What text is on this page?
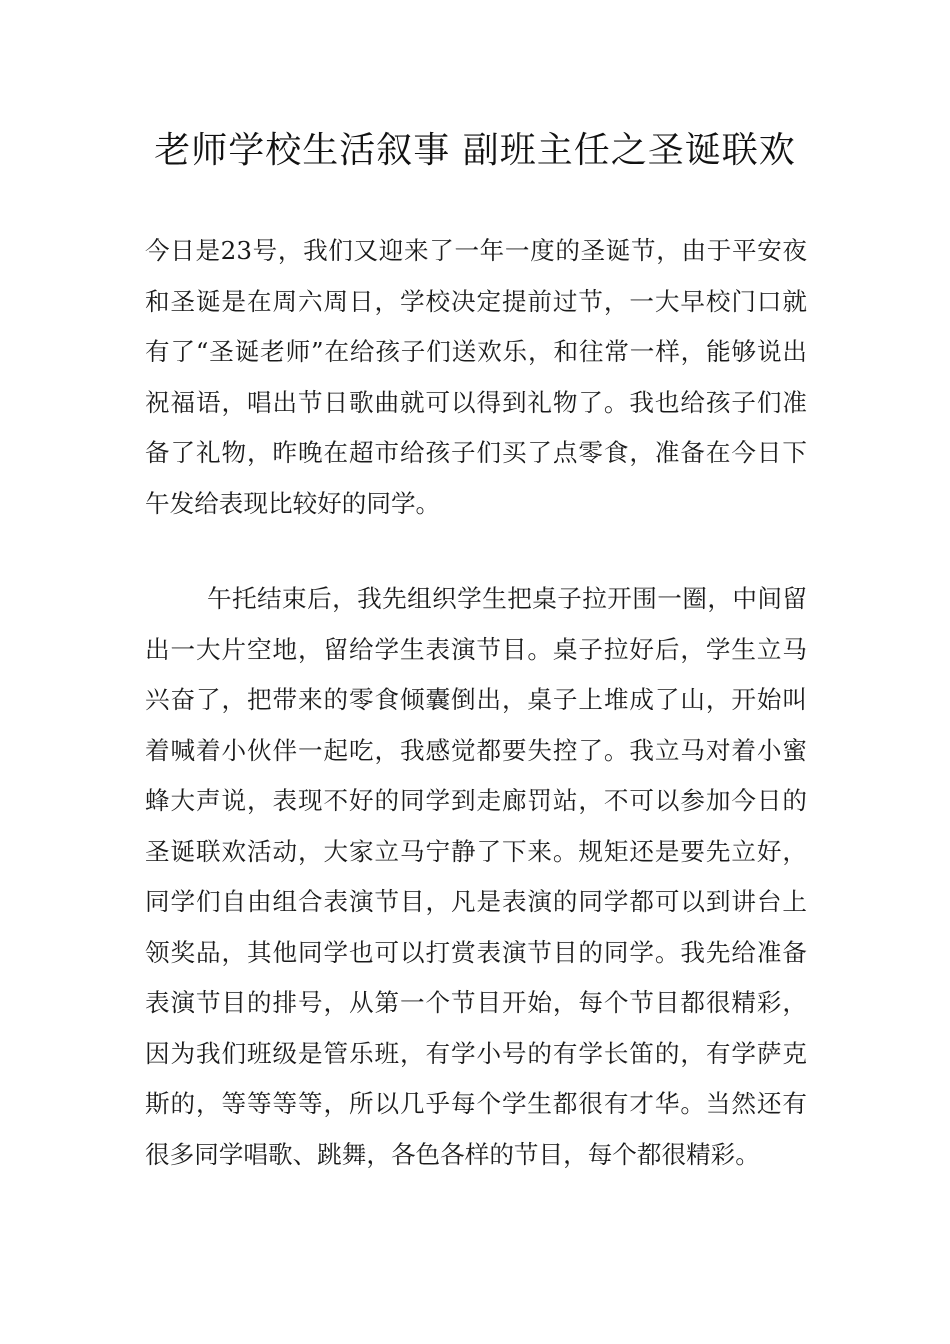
老师学校生活叙事 副班主任之圣诞联欢

今日是23号，我们又迎来了一年一度的圣诞节，由于平安夜和圣诞是在周六周日，学校决定提前过节，一大早校门口就有了“圣诞老师”在给孩子们送欢乐，和往常一样，能够说出祝福语，唱出节日歌曲就可以得到礼物了。我也给孩子们准备了礼物，昨晚在超市给孩子们买了点零食，准备在今日下午发给表现比较好的同学。

午托结束后，我先组织学生把桌子拉开围一圈，中间留出一大片空地，留给学生表演节目。桌子拉好后，学生立马兴奋了，把带来的零食倾囊倒出，桌子上堆成了山，开始叫着喊着小伙伴一起吃，我感觉都要失控了。我立马对着小蜜蜂大声说，表现不好的同学到走廊罚站，不可以参加今日的圣诞联欢活动，大家立马宁静了下来。规矩还是要先立好，同学们自由组合表演节目，凡是表演的同学都可以到讲台上领奖品，其他同学也可以打赏表演节目的同学。我先给准备表演节目的排号，从第一个节目开始，每个节目都很精彩，因为我们班级是管乐班，有学小号的有学长笛的，有学萨克斯的，等等等等，所以几乎每个学生都很有才华。当然还有很多同学唱歌、跳舞，各色各样的节目，每个都很精彩。
